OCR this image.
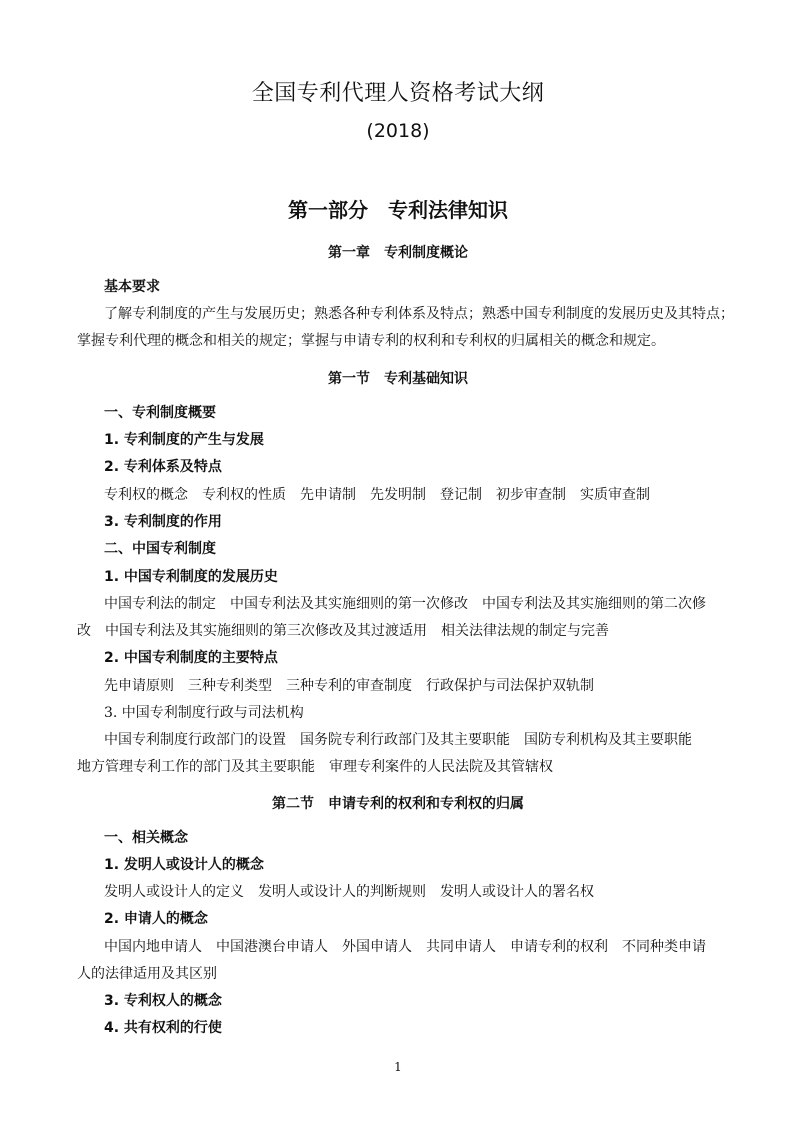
全国专利代理人资格考试大纲
(2018)
第一部分　专利法律知识
第一章　专利制度概论
基本要求
了解专利制度的产生与发展历史；熟悉各种专利体系及特点；熟悉中国专利制度的发展历史及其特点；
掌握专利代理的概念和相关的规定；掌握与申请专利的权利和专利权的归属相关的概念和规定。
第一节　专利基础知识
一、专利制度概要
1. 专利制度的产生与发展
2. 专利体系及特点
专利权的概念　专利权的性质　先申请制　先发明制　登记制　初步审查制　实质审查制
3. 专利制度的作用
二、中国专利制度
1. 中国专利制度的发展历史
中国专利法的制定　中国专利法及其实施细则的第一次修改　中国专利法及其实施细则的第二次修
改　中国专利法及其实施细则的第三次修改及其过渡适用　相关法律法规的制定与完善
2. 中国专利制度的主要特点
先申请原则　三种专利类型　三种专利的审查制度　行政保护与司法保护双轨制
3. 中国专利制度行政与司法机构
中国专利制度行政部门的设置　国务院专利行政部门及其主要职能　国防专利机构及其主要职能
地方管理专利工作的部门及其主要职能　审理专利案件的人民法院及其管辖权
第二节　申请专利的权利和专利权的归属
一、相关概念
1. 发明人或设计人的概念
发明人或设计人的定义　发明人或设计人的判断规则　发明人或设计人的署名权
2. 申请人的概念
中国内地申请人　中国港澳台申请人　外国申请人　共同申请人　申请专利的权利　不同种类申请
人的法律适用及其区别
3. 专利权人的概念
4. 共有权利的行使
1
